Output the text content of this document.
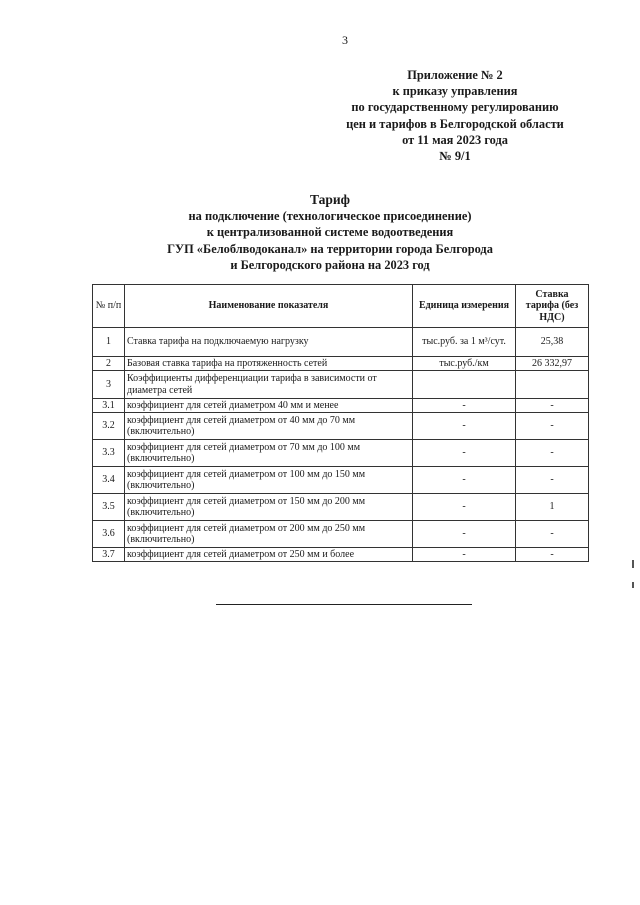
3
Приложение № 2
к приказу управления
по государственному регулированию
цен и тарифов в Белгородской области
от 11 мая 2023 года
№ 9/1
Тариф
на подключение (технологическое присоединение)
к централизованной системе водоотведения
ГУП «Белоблводоканал» на территории города Белгорода
и Белгородского района на 2023 год
№ п/п	Наименование показателя	Единица измерения	Ставка тарифа (без НДС)
1	Ставка тарифа на подключаемую нагрузку	тыс.руб. за 1 м³/сут.	25,38
2	Базовая ставка тарифа на протяженность сетей	тыс.руб./км	26 332,97
3	Коэффициенты дифференциации тарифа в зависимости от диаметра сетей		
3.1	коэффициент для сетей диаметром 40 мм и менее	-	-
3.2	коэффициент для сетей диаметром от 40 мм до 70 мм (включительно)	-	-
3.3	коэффициент для сетей диаметром от 70 мм до 100 мм (включительно)	-	-
3.4	коэффициент для сетей диаметром от 100 мм до 150 мм (включительно)	-	-
3.5	коэффициент для сетей диаметром от 150 мм до 200 мм (включительно)	-	1
3.6	коэффициент для сетей диаметром от 200 мм до 250 мм (включительно)	-	-
3.7	коэффициент для сетей диаметром от 250 мм и более	-	-
